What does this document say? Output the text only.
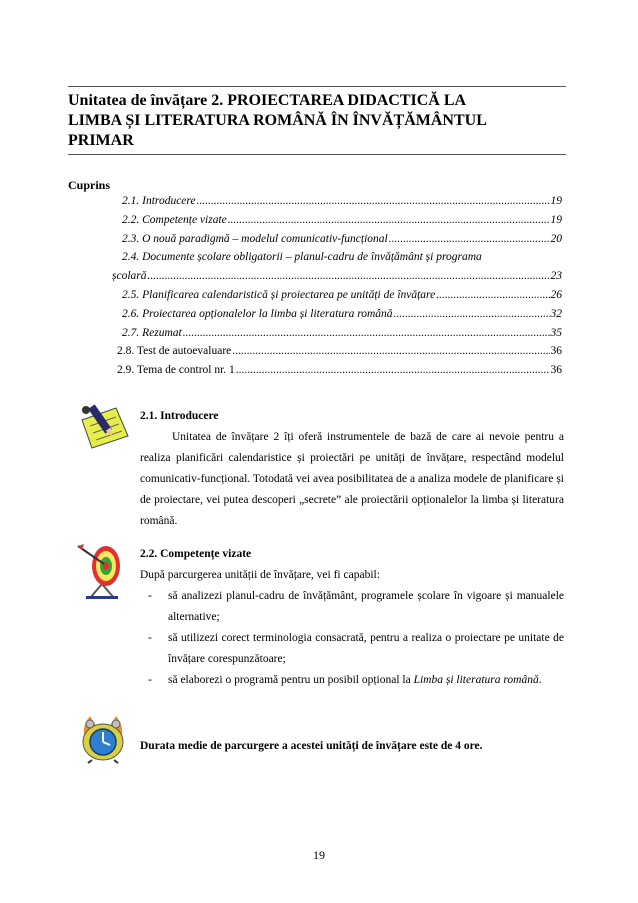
Unitatea de învățare 2. PROIECTAREA DIDACTICĂ LA
LIMBA ȘI LITERATURA ROMÂNĂ ÎN ÎNVĂȚĂMÂNTUL
PRIMAR
Cuprins
2.1. Introducere .....	19
2.2. Competențe vizate .....	19
2.3. O nouă paradigmă – modelul comunicativ-funcțional .....	20
2.4. Documente școlare obligatorii – planul-cadru de învățământ și programa
școlară .....	23
2.5. Planificarea calendaristică și proiectarea pe unități de învățare .....	26
2.6. Proiectarea opționalelor la limba și literatura română .....	32
2.7. Rezumat .....	35
2.8. Test de autoevaluare .....	36
2.9. Tema de control nr. 1 .....	36
2.1. Introducere
Unitatea de învățare 2 îți oferă instrumentele de bază de care ai nevoie pentru a realiza planificări calendaristice și proiectări pe unități de învățare, respectând modelul comunicativ-funcțional. Totodată vei avea posibilitatea de a analiza modele de planificare și de proiectare, vei putea descoperi „secrete” ale proiectării opționalelor la limba și literatura română.
2.2. Competențe vizate
După parcurgerea unității de învățare, vei fi capabil:
- să analizezi planul-cadru de învățământ, programele școlare în vigoare și manualele alternative;
- să utilizezi corect terminologia consacrată, pentru a realiza o proiectare pe unitate de învățare corespunzătoare;
- să elaborezi o programă pentru un posibil opțional la Limba și literatura română.
Durata medie de parcurgere a acestei unități de învățare este de 4 ore.
19
